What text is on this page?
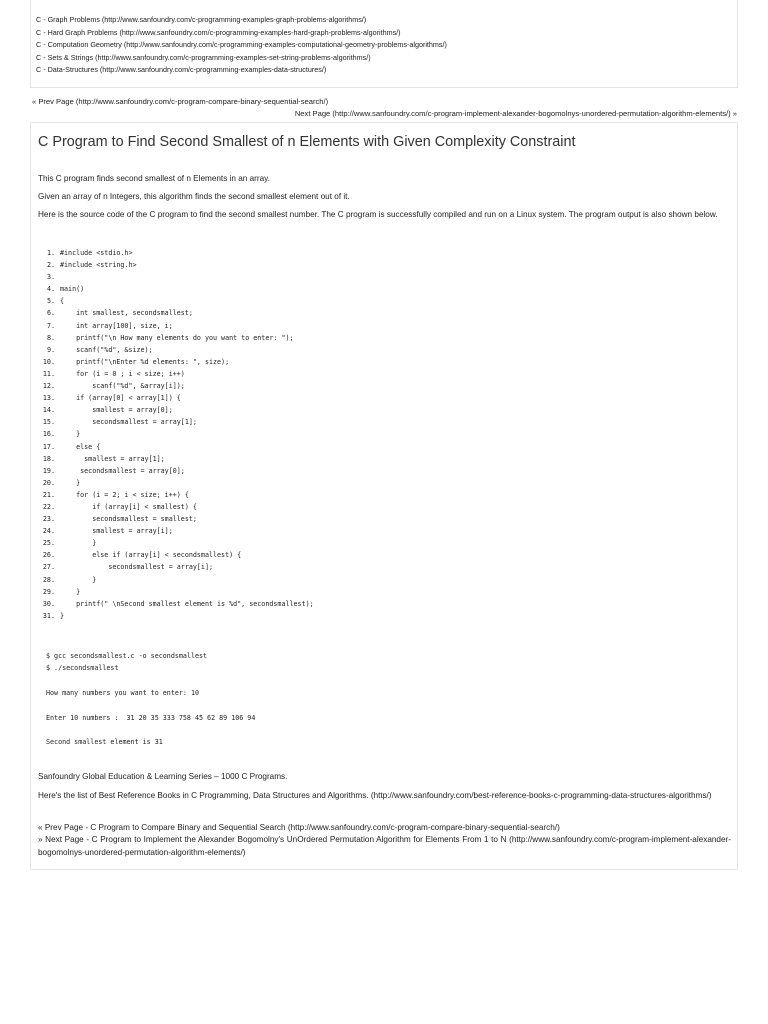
C - Graph Problems (http://www.sanfoundry.com/c-programming-examples-graph-problems-algorithms/)
C - Hard Graph Problems (http://www.sanfoundry.com/c-programming-examples-hard-graph-problems-algorithms/)
C - Computation Geometry (http://www.sanfoundry.com/c-programming-examples-computational-geometry-problems-algorithms/)
C - Sets & Strings (http://www.sanfoundry.com/c-programming-examples-set-string-problems-algorithms/)
C - Data-Structures (http://www.sanfoundry.com/c-programming-examples-data-structures/)
« Prev Page (http://www.sanfoundry.com/c-program-compare-binary-sequential-search/)
Next Page (http://www.sanfoundry.com/c-program-implement-alexander-bogomolnys-unordered-permutation-algorithm-elements/) »
C Program to Find Second Smallest of n Elements with Given Complexity Constraint

This C program finds second smallest of n Elements in an array.

Given an array of n Integers, this algorithm finds the second smallest element out of it.

Here is the source code of the C program to find the second smallest number. The C program is successfully compiled and run on a Linux system. The program output is also shown below.

1. #include <stdio.h>
2. #include <string.h>
3.
4. main()
5. {
6.    int smallest, secondsmallest;
7.    int array[100], size, i;
8.    printf("\n How many elements do you want to enter: ");
9.    scanf("%d", &size);
10.    printf("\nEnter %d elements: ", size);
11.    for (i = 0 ; i < size; i++)
12.        scanf("%d", &array[i]);
13.    if (array[0] < array[1]) {
14.        smallest = array[0];
15.        secondsmallest = array[1];
16.    }
17.    else {
18.      smallest = array[1];
19.     secondsmallest = array[0];
20.    }
21.    for (i = 2; i < size; i++) {
22.        if (array[i] < smallest) {
23.        secondsmallest = smallest;
24.        smallest = array[i];
25.        }
26.        else if (array[i] < secondsmallest) {
27.            secondsmallest = array[i];
28.        }
29.    }
30.    printf(" \nSecond smallest element is %d", secondsmallest);
31. }
$ gcc secondsmallest.c -o secondsmallest
$ ./secondsmallest
How many numbers you want to enter: 10
Enter 10 numbers :  31 20 35 333 758 45 62 89 106 94
Second smallest element is 31

Sanfoundry Global Education & Learning Series – 1000 C Programs.

Here's the list of Best Reference Books in C Programming, Data Structures and Algorithms. (http://www.sanfoundry.com/best-reference-books-c-programming-data-structures-algorithms/)

« Prev Page - C Program to Compare Binary and Sequential Search (http://www.sanfoundry.com/c-program-compare-binary-sequential-search/)

» Next Page - C Program to Implement the Alexander Bogomolny's UnOrdered Permutation Algorithm for Elements From 1 to N (http://www.sanfoundry.com/c-program-implement-alexander-bogomolnys-unordered-permutation-algorithm-elements/)
